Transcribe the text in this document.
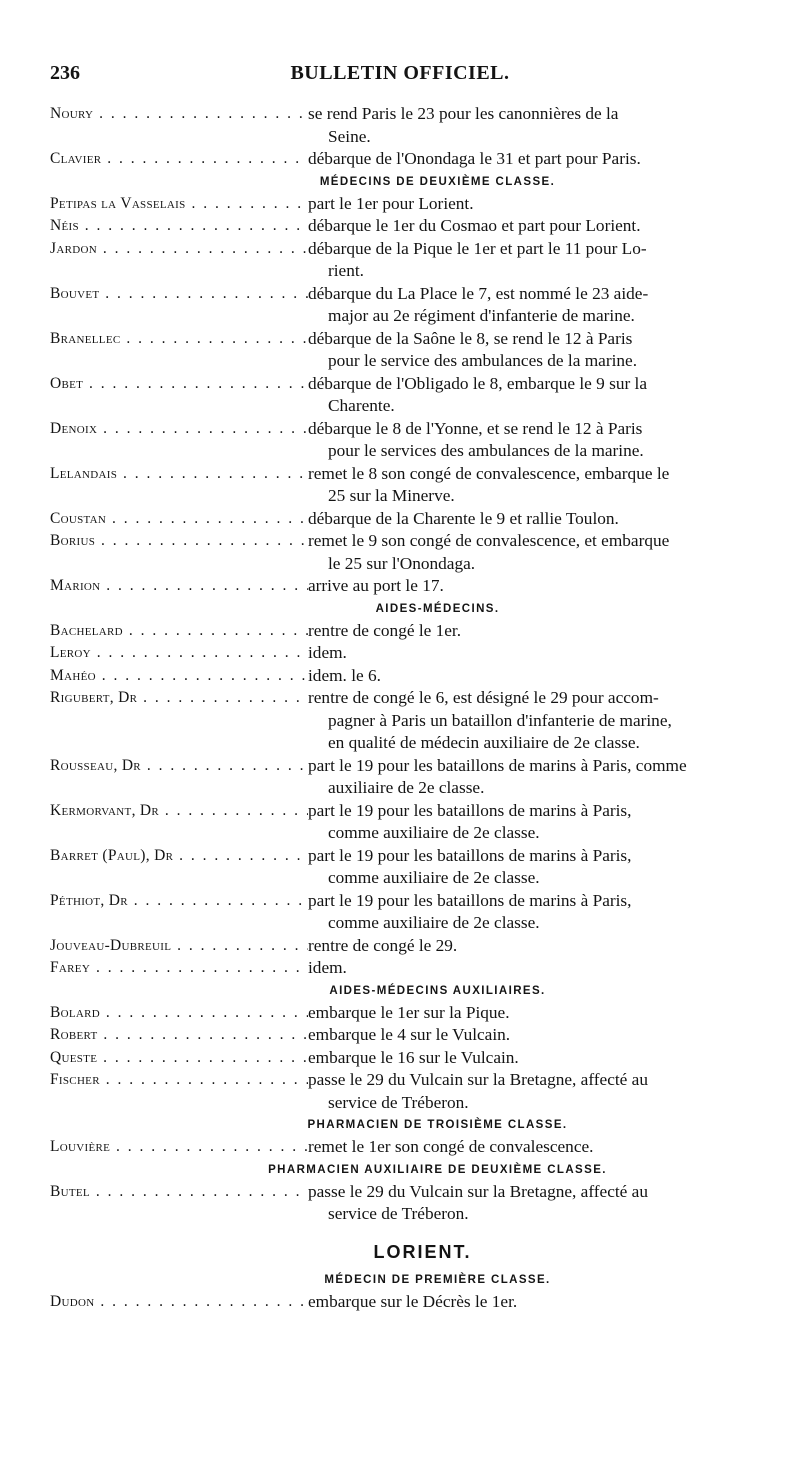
BULLETIN OFFICIEL.
236
Noury . . .	se rend Paris le 23 pour les canonnières de la
Seine.
Clavier . . .	débarque de l'Onondaga le 31 et part pour Paris.
MÉDECINS DE DEUXIÈME CLASSE.
Petipas la Vasselais . . .	part le 1er pour Lorient.
Néis . . .	débarque le 1er du Cosmao et part pour Lorient.
Jardon . . .	débarque de la Pique le 1er et part le 11 pour Lo-
rient.
Bouvet . . .	débarque du La Place le 7, est nommé le 23 aide-
major au 2e régiment d'infanterie de marine.
Branellec . . .	débarque de la Saône le 8, se rend le 12 à Paris
pour le service des ambulances de la marine.
Obet . . .	débarque de l'Obligado le 8, embarque le 9 sur la
Charente.
Denoix . . .	débarque le 8 de l'Yonne, et se rend le 12 à Paris
pour le services des ambulances de la marine.
Lelandais . . .	remet le 8 son congé de convalescence, embarque le
25 sur la Minerve.
Coustan . . .	débarque de la Charente le 9 et rallie Toulon.
Borius . . .	remet le 9 son congé de convalescence, et embarque
le 25 sur l'Onondaga.
Marion . . .	arrive au port le 17.
AIDES-MÉDECINS.
Bachelard . . .	rentre de congé le 1er.
Leroy . . .	idem.
Mahéo . . .	idem. le 6.
Rigubert, Dr . . .	rentre de congé le 6, est désigné le 29 pour accom-
pagner à Paris un bataillon d'infanterie de marine,
en qualité de médecin auxiliaire de 2e classe.
Rousseau, Dr . . .	part le 19 pour les bataillons de marins à Paris, comme
auxiliaire de 2e classe.
Kermorvant, Dr . . .	part le 19 pour les bataillons de marins à Paris,
comme auxiliaire de 2e classe.
Barret (Paul), Dr . . .	part le 19 pour les bataillons de marins à Paris,
comme auxiliaire de 2e classe.
Péthiot, Dr . . .	part le 19 pour les bataillons de marins à Paris,
comme auxiliaire de 2e classe.
Jouveau-Dubreuil . . .	rentre de congé le 29.
Farey . . .	idem.
AIDES-MÉDECINS AUXILIAIRES.
Bolard . . .	embarque le 1er sur la Pique.
Robert . . .	embarque le 4 sur le Vulcain.
Queste . . .	embarque le 16 sur le Vulcain.
Fischer . . .	passe le 29 du Vulcain sur la Bretagne, affecté au
service de Tréberon.
PHARMACIEN DE TROISIÈME CLASSE.
Louvière . . .	remet le 1er son congé de convalescence.
PHARMACIEN AUXILIAIRE DE DEUXIÈME CLASSE.
Butel . . .	passe le 29 du Vulcain sur la Bretagne, affecté au
service de Tréberon.
LORIENT.
MÉDECIN DE PREMIÈRE CLASSE.
Dudon . . .	embarque sur le Décrès le 1er.
